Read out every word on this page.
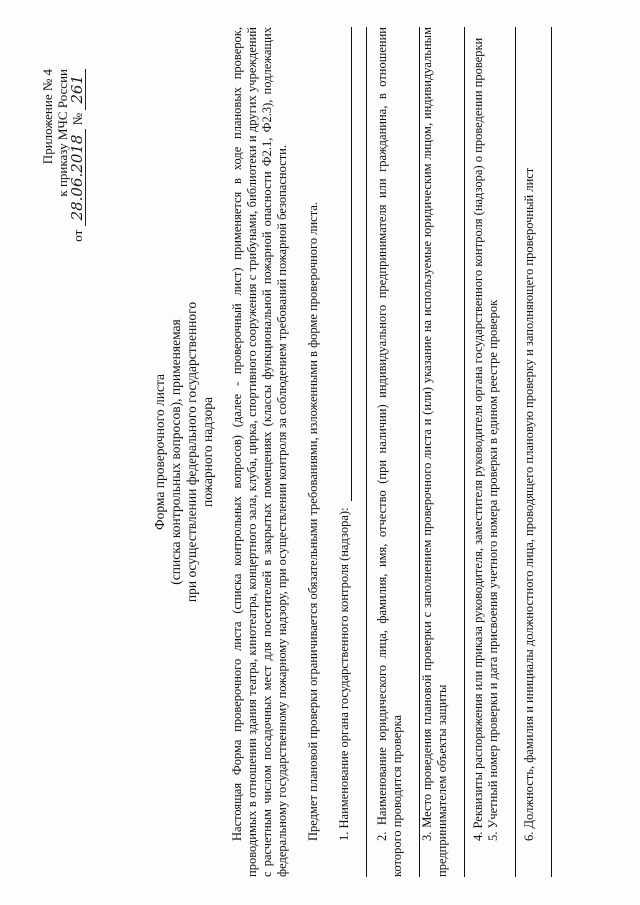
Приложение № 4 к приказу МЧС России
от 28.06.2018 № 261
Форма проверочного листа (списка контрольных вопросов), применяемая при осуществлении федерального государственного пожарного надзора Настоящая Форма проверочного листа (списка контрольных вопросов) (далее - проверочный лист) применяется в ходе плановых проверок, проводимых в отношении здания театра, кинотеатра, концертного зала, клуба, цирка, спортивного сооружения с трибунами, библиотеки и других учреждений с расчетным числом посадочных мест для посетителей в закрытых помещениях (классы функциональной пожарной опасности Ф2.1, Ф2.3), подлежащих федеральному государственному пожарному надзору, при осуществлении контроля за соблюдением требований пожарной безопасности. Предмет плановой проверки ограничивается обязательными требованиями, изложенными в форме проверочного листа. 1. Наименование органа государственного контроля (надзора): 2. Наименование юридического лица, фамилия, имя, отчество (при наличии) индивидуального предпринимателя или гражданина, в отношении которого проводится проверка 3. Место проведения плановой проверки с заполнением проверочного листа и (или) указание на используемые юридическим лицом, индивидуальным предпринимателем объекты защиты 4. Реквизиты распоряжения или приказа руководителя, заместителя руководителя органа государственного контроля (надзора) о проведении проверки 5. Учетный номер проверки и дата присвоения учетного номера проверки в едином реестре проверок 6. Должность, фамилия и инициалы должностного лица, проводящего плановую проверку и заполняющего проверочный лист
